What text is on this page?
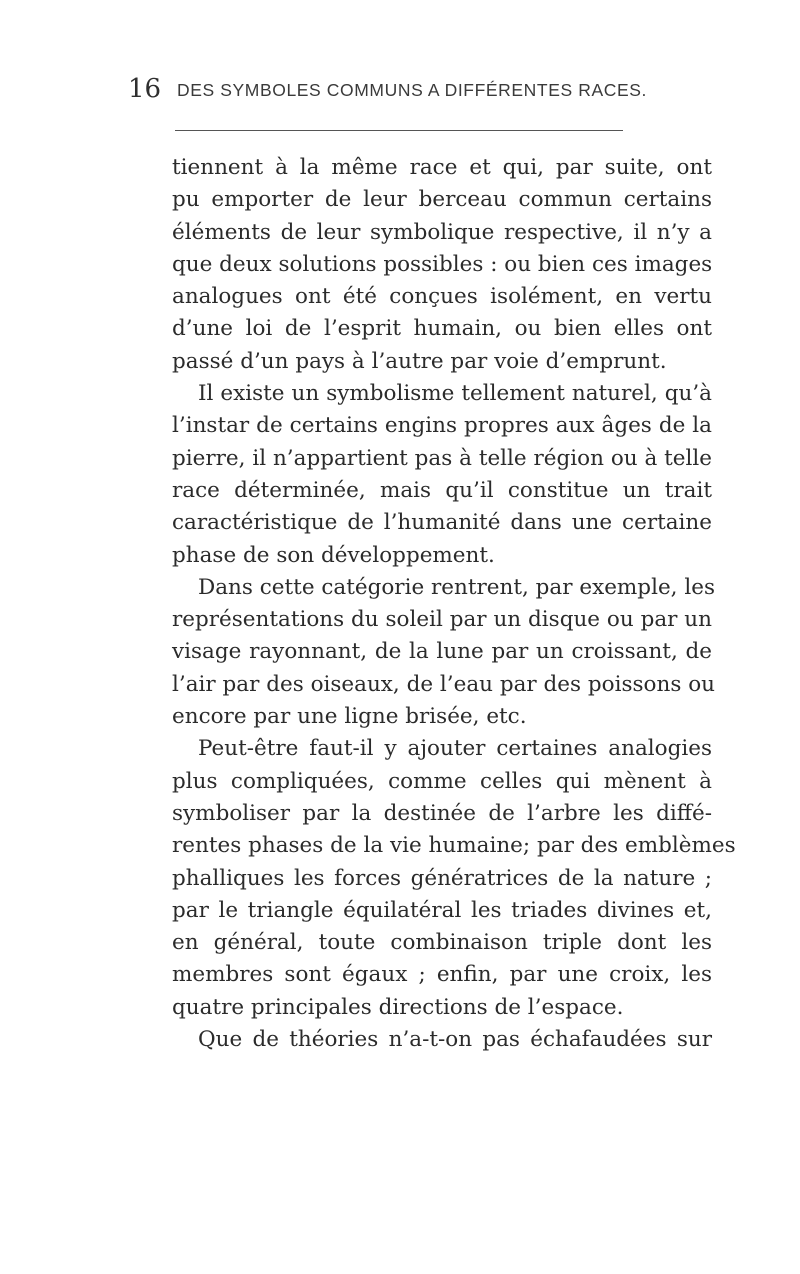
16 DES SYMBOLES COMMUNS A DIFFÉRENTES RACES.
tiennent à la même race et qui, par suite, ont
pu emporter de leur berceau commun certains
éléments de leur symbolique respective, il n’y a
que deux solutions possibles : ou bien ces images
analogues ont été conçues isolément, en vertu
d’une loi de l’esprit humain, ou bien elles ont
passé d’un pays à l’autre par voie d’emprunt.
Il existe un symbolisme tellement naturel, qu’à
l’instar de certains engins propres aux âges de la
pierre, il n’appartient pas à telle région ou à telle
race déterminée, mais qu’il constitue un trait
caractéristique de l’humanité dans une certaine
phase de son développement.
Dans cette catégorie rentrent, par exemple, les
représentations du soleil par un disque ou par un
visage rayonnant, de la lune par un croissant, de
l’air par des oiseaux, de l’eau par des poissons ou
encore par une ligne brisée, etc.
Peut-être faut-il y ajouter certaines analogies
plus compliquées, comme celles qui mènent à
symboliser par la destinée de l’arbre les diffé-
rentes phases de la vie humaine; par des emblèmes
phalliques les forces génératrices de la nature ;
par le triangle équilatéral les triades divines et,
en général, toute combinaison triple dont les
membres sont égaux ; enfin, par une croix, les
quatre principales directions de l’espace.
Que de théories n’a-t-on pas échafaudées sur
